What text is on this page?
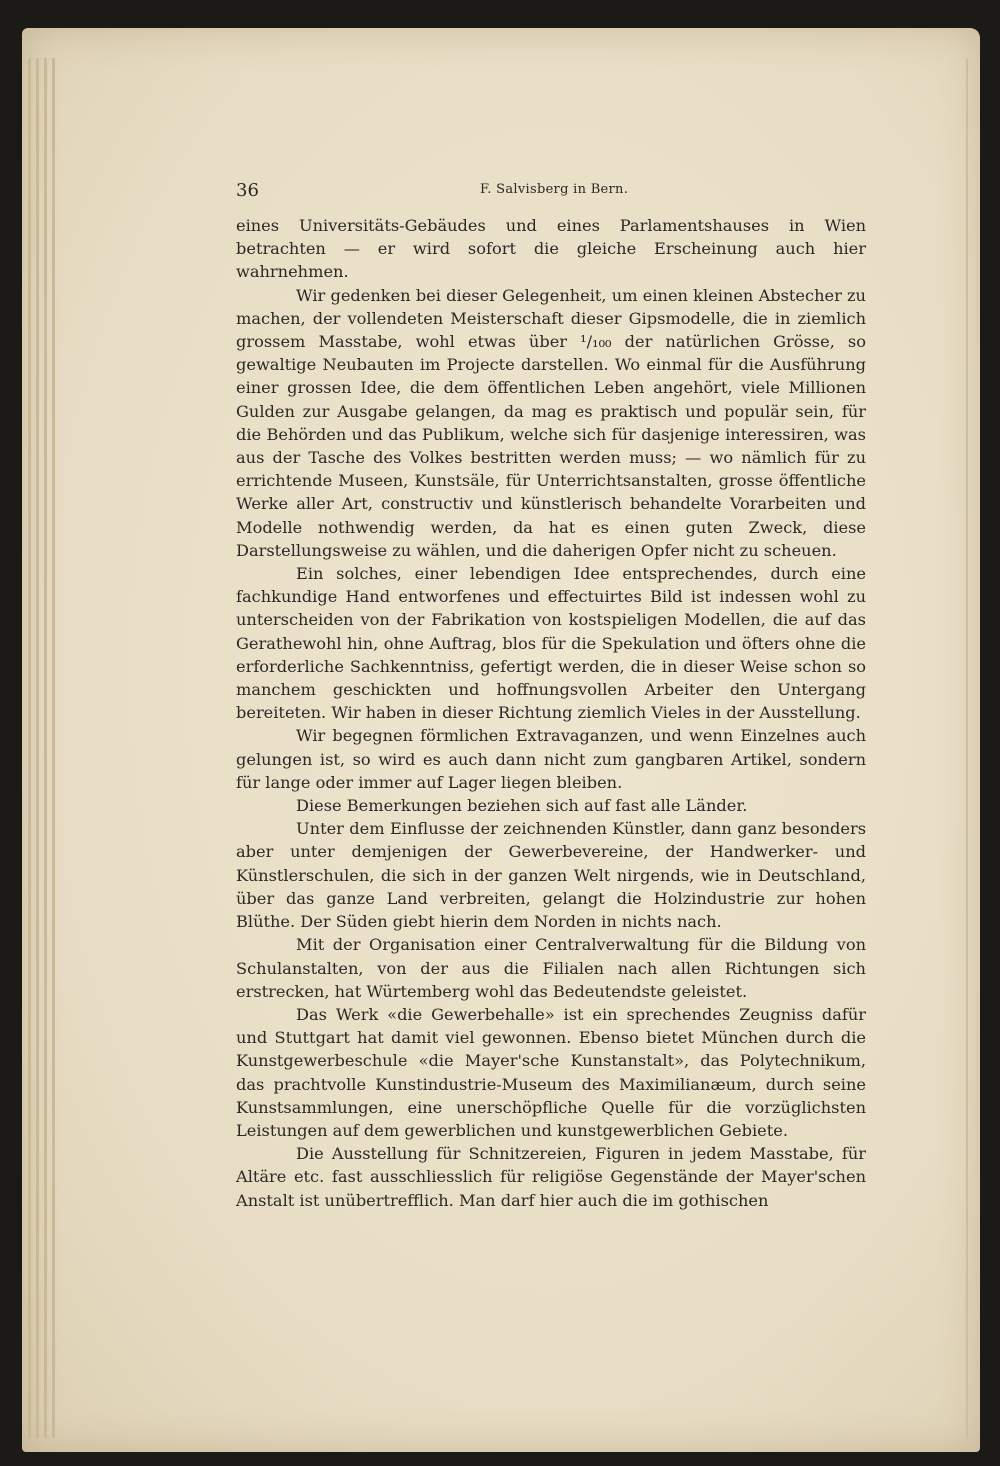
36	F. Salvisberg in Bern.

eines Universitäts-Gebäudes und eines Parlamentshauses in Wien betrachten — er wird sofort die gleiche Erscheinung auch hier wahrnehmen.

Wir gedenken bei dieser Gelegenheit, um einen kleinen Abstecher zu machen, der vollendeten Meisterschaft dieser Gipsmodelle, die in ziemlich grossem Masstabe, wohl etwas über ¹/₁₀₀ der natürlichen Grösse, so gewaltige Neubauten im Projecte darstellen. Wo einmal für die Ausführung einer grossen Idee, die dem öffentlichen Leben angehört, viele Millionen Gulden zur Ausgabe gelangen, da mag es praktisch und populär sein, für die Behörden und das Publikum, welche sich für dasjenige interessiren, was aus der Tasche des Volkes bestritten werden muss; — wo nämlich für zu errichtende Museen, Kunstsäle, für Unterrichtsanstalten, grosse öffentliche Werke aller Art, constructiv und künstlerisch behandelte Vorarbeiten und Modelle nothwendig werden, da hat es einen guten Zweck, diese Darstellungsweise zu wählen, und die daherigen Opfer nicht zu scheuen.

Ein solches, einer lebendigen Idee entsprechendes, durch eine fachkundige Hand entworfenes und effectuirtes Bild ist indessen wohl zu unterscheiden von der Fabrikation von kostspieligen Modellen, die auf das Gerathewohl hin, ohne Auftrag, blos für die Spekulation und öfters ohne die erforderliche Sachkenntniss, gefertigt werden, die in dieser Weise schon so manchem geschickten und hoffnungsvollen Arbeiter den Untergang bereiteten. Wir haben in dieser Richtung ziemlich Vieles in der Ausstellung.

Wir begegnen förmlichen Extravaganzen, und wenn Einzelnes auch gelungen ist, so wird es auch dann nicht zum gangbaren Artikel, sondern für lange oder immer auf Lager liegen bleiben.

Diese Bemerkungen beziehen sich auf fast alle Länder.

Unter dem Einflusse der zeichnenden Künstler, dann ganz besonders aber unter demjenigen der Gewerbevereine, der Handwerker- und Künstlerschulen, die sich in der ganzen Welt nirgends, wie in Deutschland, über das ganze Land verbreiten, gelangt die Holzindustrie zur hohen Blüthe. Der Süden giebt hierin dem Norden in nichts nach.

Mit der Organisation einer Centralverwaltung für die Bildung von Schulanstalten, von der aus die Filialen nach allen Richtungen sich erstrecken, hat Würtemberg wohl das Bedeutendste geleistet.

Das Werk «die Gewerbehalle» ist ein sprechendes Zeugniss dafür und Stuttgart hat damit viel gewonnen. Ebenso bietet München durch die Kunstgewerbeschule «die Mayer'sche Kunstanstalt», das Polytechnikum, das prachtvolle Kunstindustrie-Museum des Maximilianæum, durch seine Kunstsammlungen, eine unerschöpfliche Quelle für die vorzüglichsten Leistungen auf dem gewerblichen und kunstgewerblichen Gebiete.

Die Ausstellung für Schnitzereien, Figuren in jedem Masstabe, für Altäre etc. fast ausschliesslich für religiöse Gegenstände der Mayer'schen Anstalt ist unübertrefflich. Man darf hier auch die im gothischen
